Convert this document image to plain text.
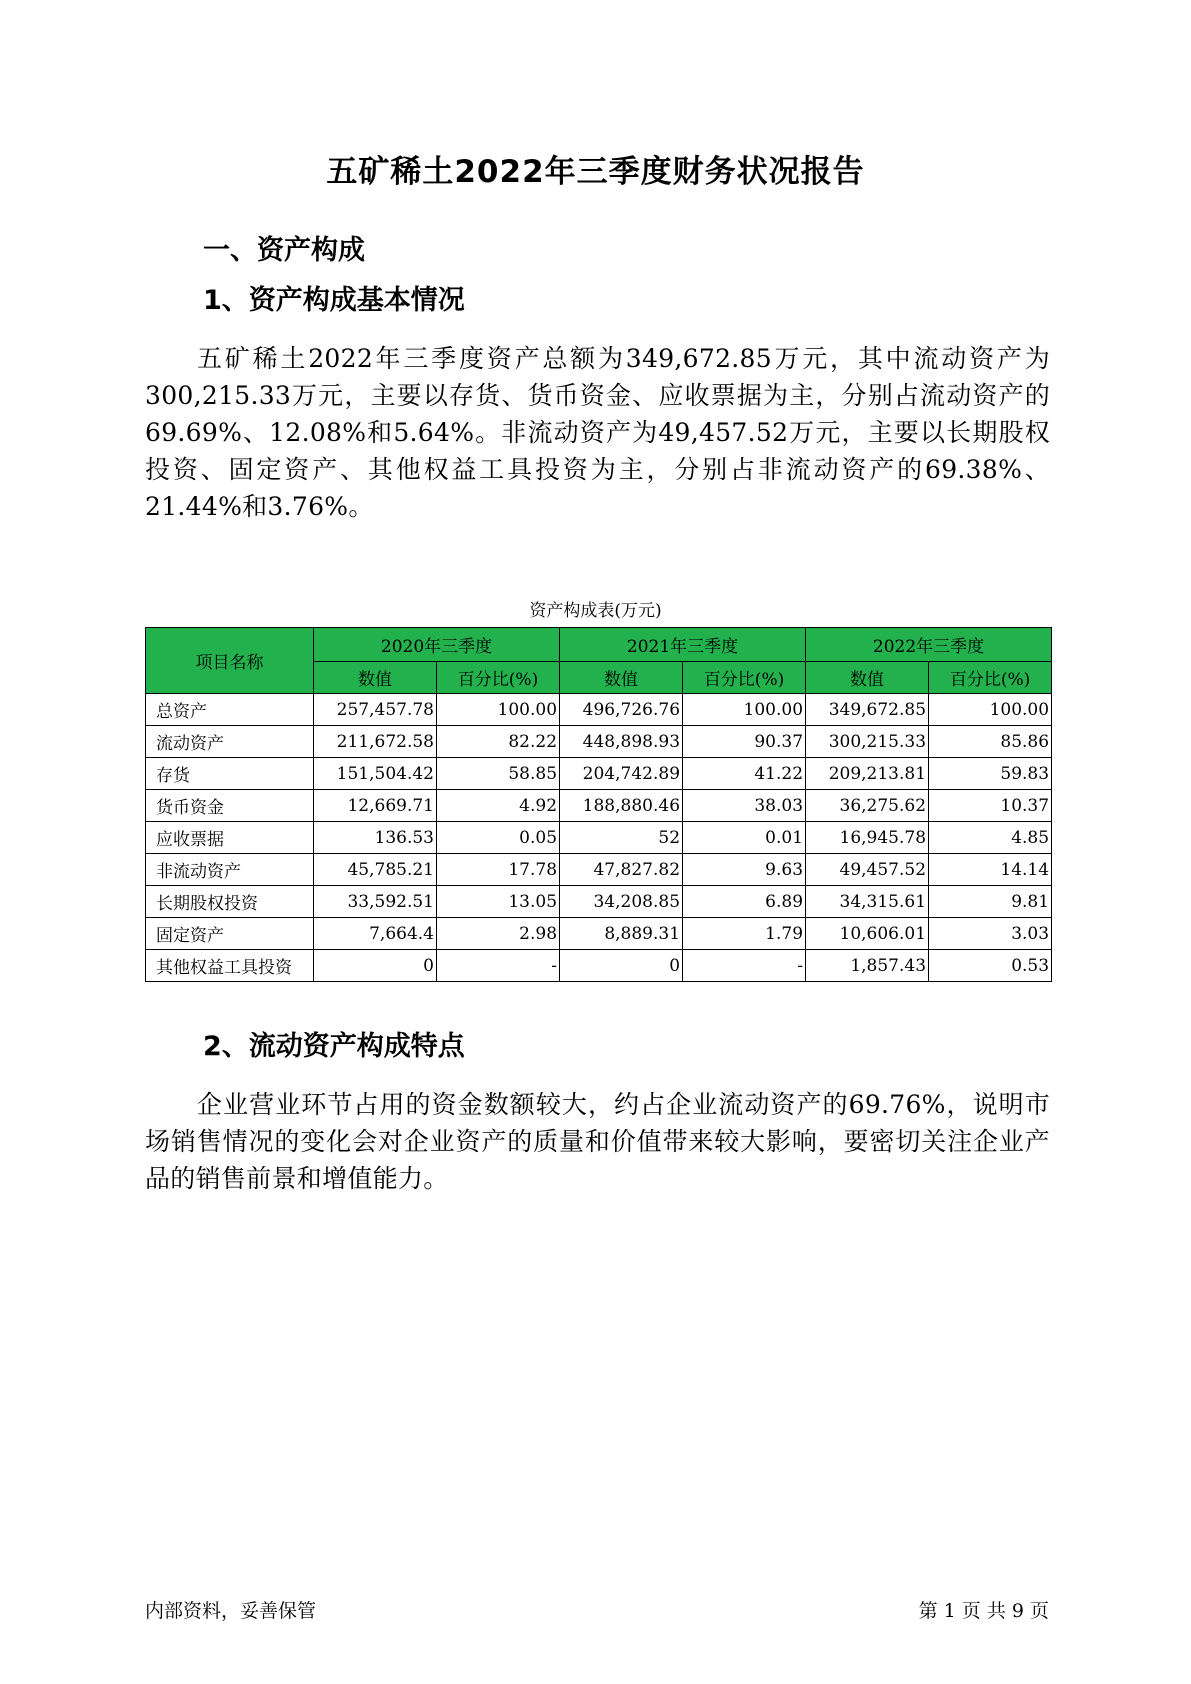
五矿稀土2022年三季度财务状况报告
一、资产构成
1、资产构成基本情况

五矿稀土2022年三季度资产总额为349,672.85万元，其中流动资产为300,215.33万元，主要以存货、货币资金、应收票据为主，分别占流动资产的69.69%、12.08%和5.64%。非流动资产为49,457.52万元，主要以长期股权投资、固定资产、其他权益工具投资为主，分别占非流动资产的69.38%、21.44%和3.76%。

资产构成表(万元)
项目名称	2020年三季度		2021年三季度		2022年三季度	
	数值	百分比(%)	数值	百分比(%)	数值	百分比(%)
总资产	257,457.78	100.00	496,726.76	100.00	349,672.85	100.00
流动资产	211,672.58	82.22	448,898.93	90.37	300,215.33	85.86
存货	151,504.42	58.85	204,742.89	41.22	209,213.81	59.83
货币资金	12,669.71	4.92	188,880.46	38.03	36,275.62	10.37
应收票据	136.53	0.05	52	0.01	16,945.78	4.85
非流动资产	45,785.21	17.78	47,827.82	9.63	49,457.52	14.14
长期股权投资	33,592.51	13.05	34,208.85	6.89	34,315.61	9.81
固定资产	7,664.4	2.98	8,889.31	1.79	10,606.01	3.03
其他权益工具投资	0	-	0	-	1,857.43	0.53
2、流动资产构成特点

企业营业环节占用的资金数额较大，约占企业流动资产的69.76%，说明市场销售情况的变化会对企业资产的质量和价值带来较大影响，要密切关注企业产品的销售前景和增值能力。

内部资料，妥善保管	第 1 页 共 9 页
